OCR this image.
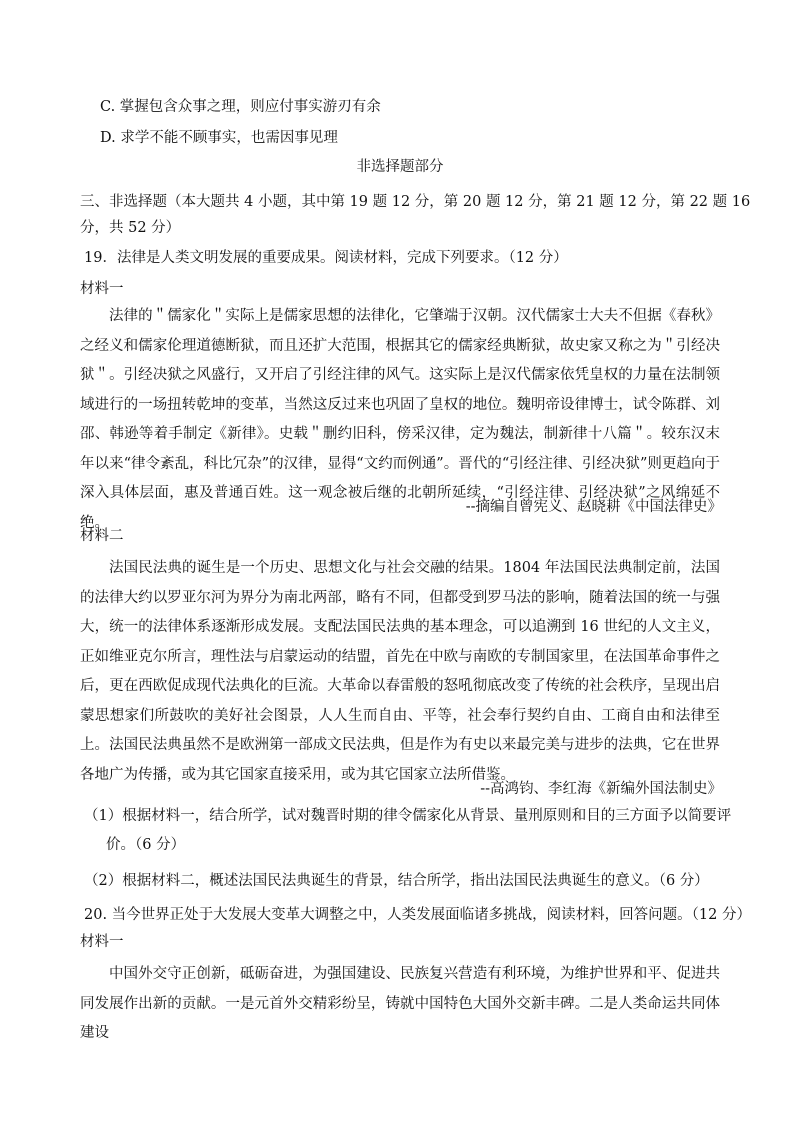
C. 掌握包含众事之理，则应付事实游刃有余
D. 求学不能不顾事实，也需因事见理
非选择题部分
三、非选择题（本大题共 4 小题，其中第 19 题 12 分，第 20 题 12 分，第 21 题 12 分，第 22 题 16
分，共 52 分）
19．法律是人类文明发展的重要成果。阅读材料，完成下列要求。（12 分）
材料一
法律的＂儒家化＂实际上是儒家思想的法律化，它肇端于汉朝。汉代儒家士大夫不但据《春秋》之经义和儒家伦理道德断狱，而且还扩大范围，根据其它的儒家经典断狱，故史家又称之为＂引经决狱＂。引经决狱之风盛行，又开启了引经注律的风气。这实际上是汉代儒家依凭皇权的力量在法制领域进行的一场扭转乾坤的变革，当然这反过来也巩固了皇权的地位。魏明帝设律博士，试令陈群、刘邵、韩逊等着手制定《新律》。史载＂删约旧科，傍采汉律，定为魏法，制新律十八篇＂。较东汉末年以来“律令紊乱，科比冗杂”的汉律，显得“文约而例通”。晋代的“引经注律、引经决狱”则更趋向于深入具体层面，惠及普通百姓。这一观念被后继的北朝所延续，“引经注律、引经决狱”之风绵延不绝。
--摘编自曾宪义、赵晓耕《中国法律史》
材料二
法国民法典的诞生是一个历史、思想文化与社会交融的结果。1804 年法国民法典制定前，法国的法律大约以罗亚尔河为界分为南北两部，略有不同，但都受到罗马法的影响，随着法国的统一与强大，统一的法律体系逐渐形成发展。支配法国民法典的基本理念，可以追溯到 16 世纪的人文主义，正如维亚克尔所言，理性法与启蒙运动的结盟，首先在中欧与南欧的专制国家里，在法国革命事件之后，更在西欧促成现代法典化的巨流。大革命以春雷般的怒吼彻底改变了传统的社会秩序，呈现出启蒙思想家们所鼓吹的美好社会图景，人人生而自由、平等，社会奉行契约自由、工商自由和法律至上。法国民法典虽然不是欧洲第一部成文民法典，但是作为有史以来最完美与进步的法典，它在世界各地广为传播，或为其它国家直接采用，或为其它国家立法所借鉴。
--高鸿钧、李红海《新编外国法制史》
（1）根据材料一，结合所学，试对魏晋时期的律令儒家化从背景、量刑原则和目的三方面予以简要评
价。（6 分）
（2）根据材料二，概述法国民法典诞生的背景，结合所学，指出法国民法典诞生的意义。（6 分）
20. 当今世界正处于大发展大变革大调整之中，人类发展面临诸多挑战，阅读材料，回答问题。（12 分）
材料一
中国外交守正创新，砥砺奋进，为强国建设、民族复兴营造有利环境，为维护世界和平、促进共同发展作出新的贡献。一是元首外交精彩纷呈，铸就中国特色大国外交新丰碑。二是人类命运共同体建设
